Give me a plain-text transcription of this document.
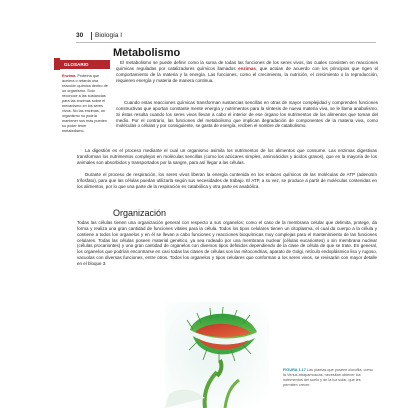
30 Biología I
GLOSARIO
Enzima. Proteína que acelera o retarda una reacción química dentro de un organismo. Solo reconoce a las sustancias para las enzimas sobre el mecanismo en los seres vivos. No las enzimas, un organismo no podría mantener sus más pueden su poder tener metabolismo.
Metabolismo
El metabolismo se puede definir como la suma de todas las funciones de los seres vivos, las cuales consisten en reacciones químicas reguladas por catalizadores químicos llamados enzimas, que actúan de acuerdo con los principios que rigen el comportamiento de la materia y la energía. Las funciones, como el crecimiento, la nutrición, el crecimiento o la reproducción, requieren energía y materia de manera continua.
Cuando estas reacciones químicas transforman sustancias sencillas en otras de mayor complejidad y comprenden funciones constructivas que aportan constante mente energía y nutrimentos para la síntesis de nueva materia viva, se le llama anabolismo. Si éstas resulta cuando los seres vivos llevan a cabo el interior de ese órgano los nutrimentos de los alimentos que toman del medio. Por el contrario, las funciones del metabolismo que implican degradación de componentes de la materia viva, como moléculas o células y por consiguiente, se gasta de energía, reciben el nombre de catabolismo.
La digestión es el proceso mediante el cual un organismo asimila los nutrimentos de los alimentos que consume. Las enzimas digestivas transforman los nutrimentos complejos en moléculas sencillas (como los azúcares simples, aminoácidos y ácidos grasos), que en la mayoría de los animales son absorbidos y transportados por la sangre, para así llegar a las células.
Durante el proceso de respiración, los seres vivos liberan la energía contenida en los enlaces químicos de las moléculas de ATP (adenosín trifosfato), para que las células puedan utilizarla según sus necesidades de trabajo. El ATP, a su vez, se produce a partir de moléculas contenidas en los alimentos, por lo que una parte de la respiración es catabólica y otra parte es anabólica.
Organización
Todas las células tienen una organización general con respecto a sus organelos; como el caso de la membrana celular que delimita, protege, da forma y realiza una gran cantidad de funciones vitales para la célula. Todos los tipos celulares tienen un citoplasma, el cual da cuerpo a la célula y contiene a todos los organelos y en él se llevan a cabo funciones y reacciones bioquímicas muy complejas para el mantenimiento de las funciones celulares. Todas las células poseen material genético, ya sea rodeado por una membrana nuclear (células eucariontes) o sin membrana nuclear (células procariontes) y una gran cantidad de organelos con diversos tipos definidos dependiendo de la clase de célula de que se trate. En general, los organelos que podrían encontrarse en casi todas las clases de células son las mitocondrias, aparato de Golgi, retículo endoplásmico liso y rugoso, vacuolas con diversas funciones, entre otros. Todos los organelos y tipos celulares que conforman a los seres vivos, se revisarán con mayor detalle en el bloque 3.
FIGURA 1.17 Las plantas que poseen clorofila, como la Venus atrapamoscas, necesitan obtener los nutrimentos del suelo y de la luz solar, que les permiten crecer.
